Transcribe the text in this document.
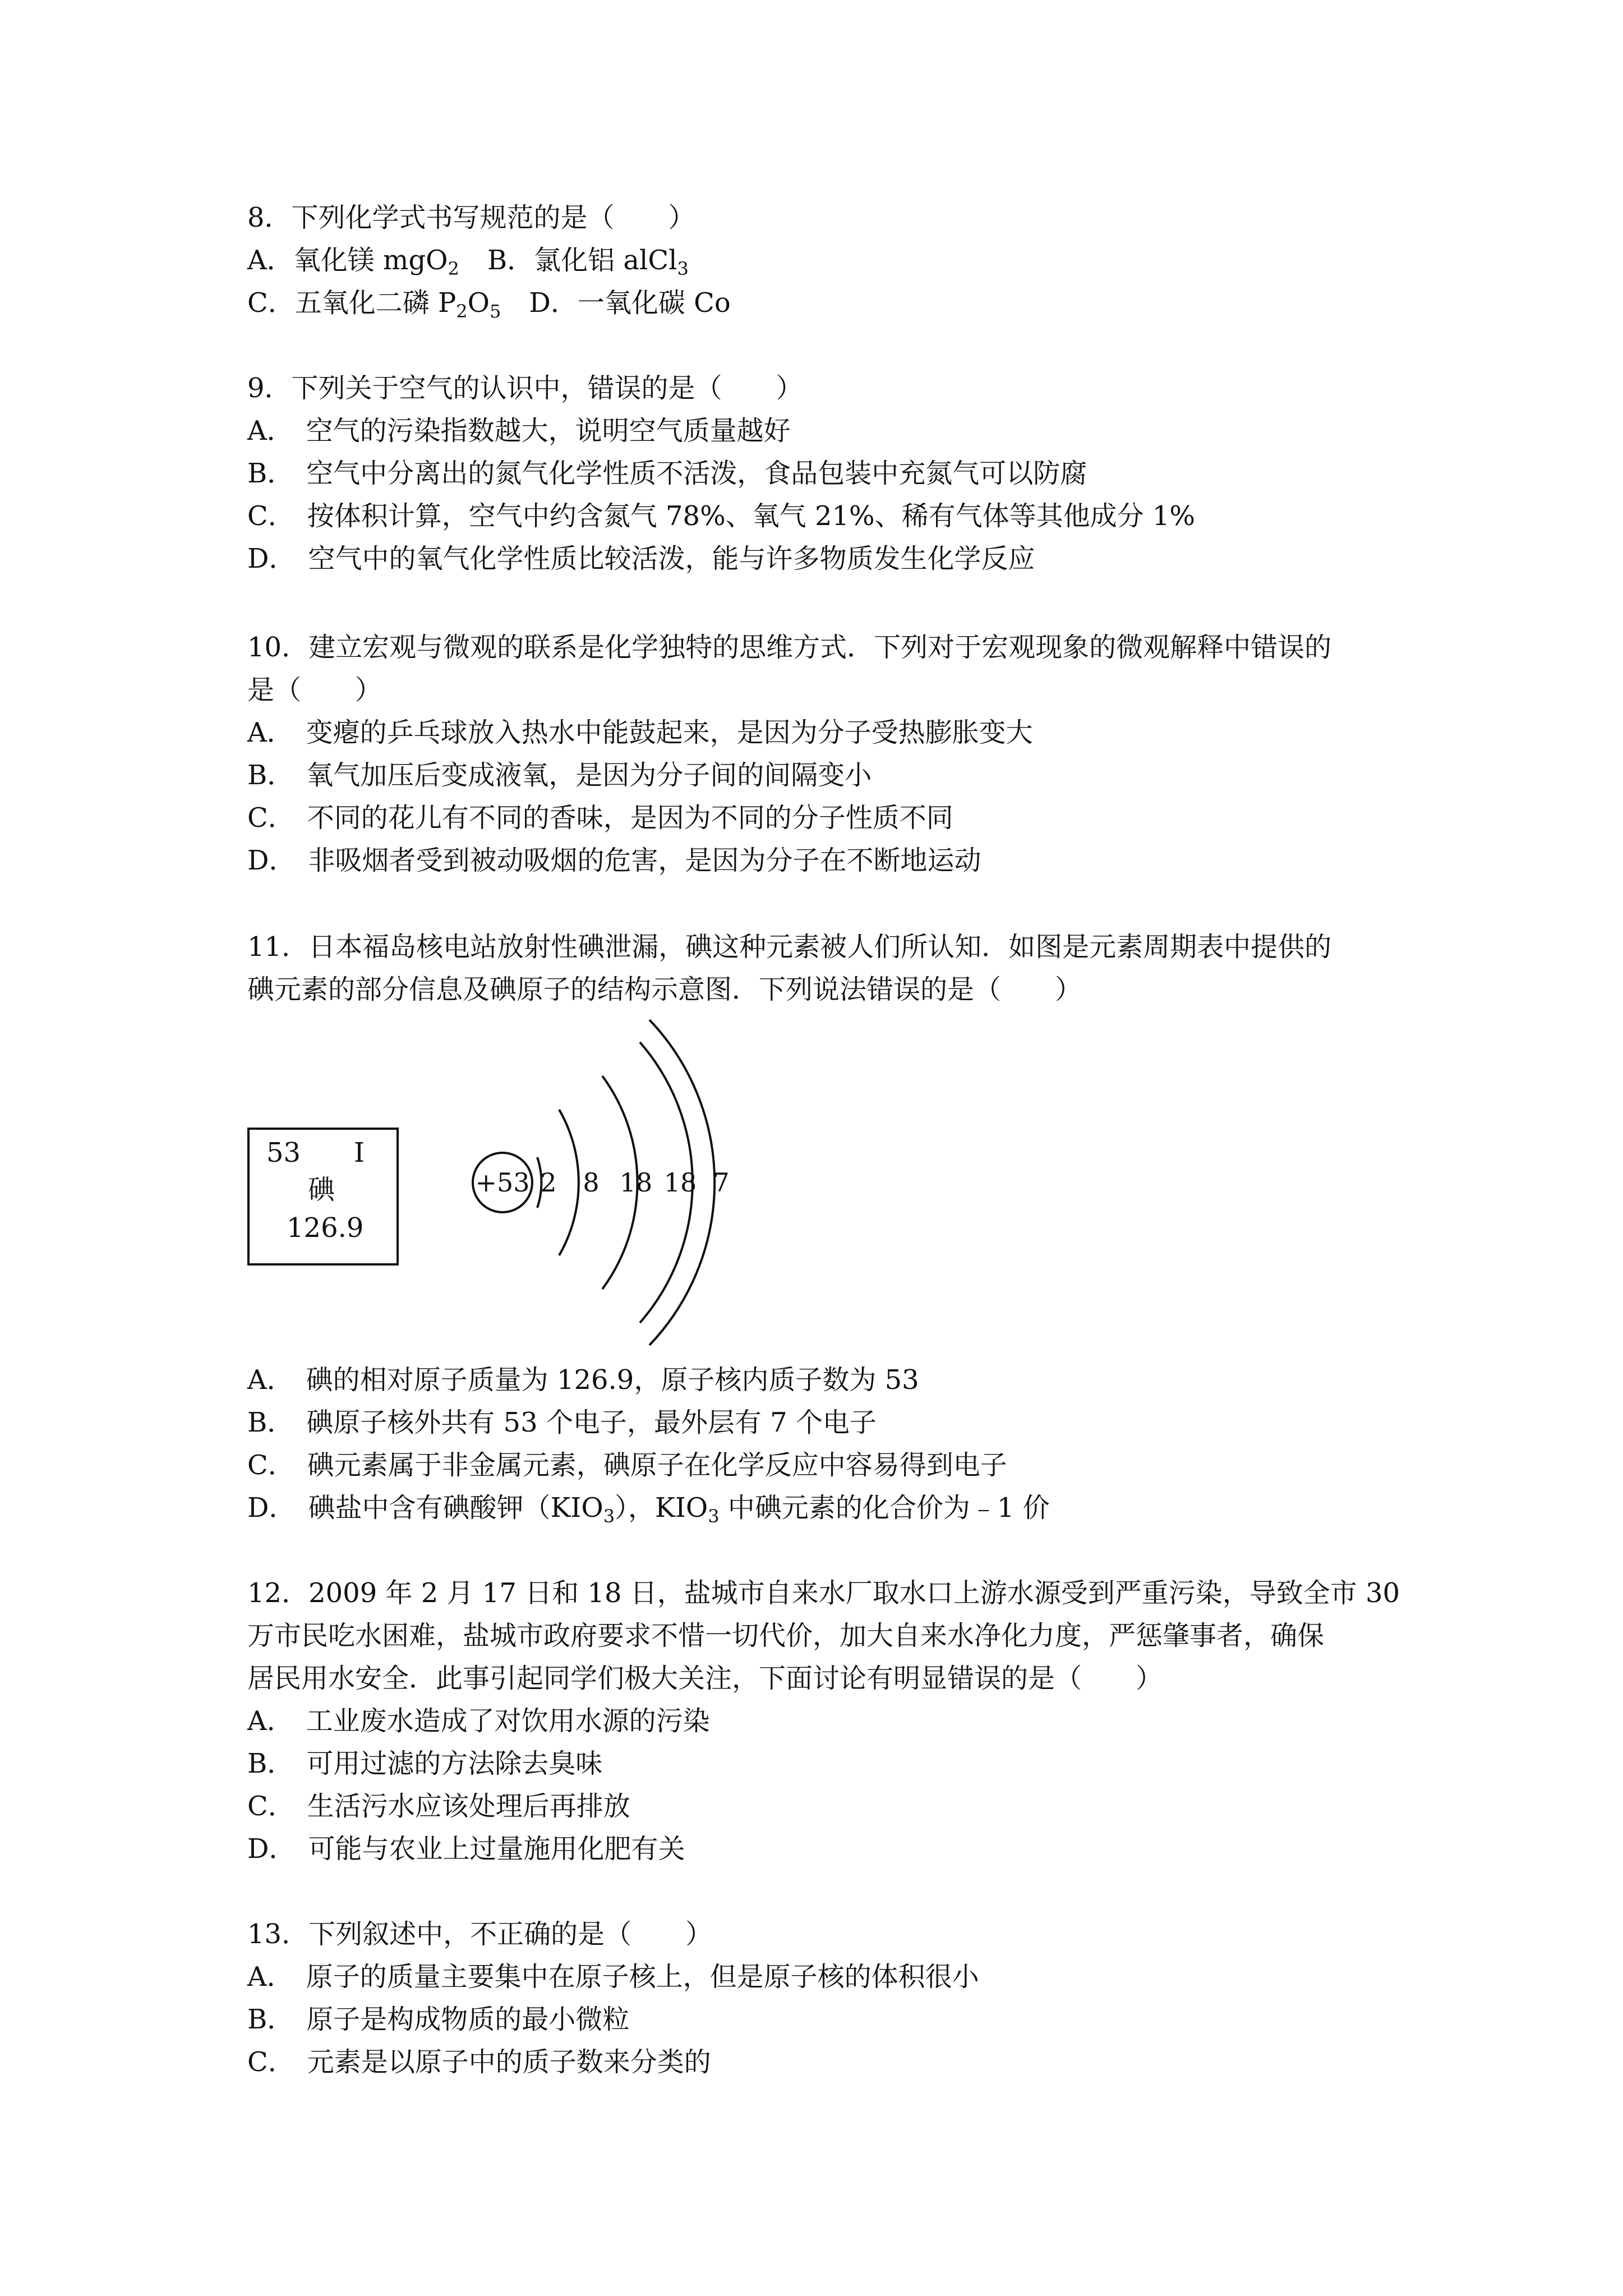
8．下列化学式书写规范的是（　　）
A．氧化镁 mgO$_2$ B．氯化铝 alCl$_3$
C．五氧化二磷 $P_2O_5$ D．一氧化碳 Co
9．下列关于空气的认识中，错误的是（　　）
A． 空气的污染指数越大，说明空气质量越好
B． 空气中分离出的氮气化学性质不活泼，食品包装中充氮气可以防腐
C． 按体积计算，空气中约含氮气 78%、氧气 21%、稀有气体等其他成分 1%
D． 空气中的氧气化学性质比较活泼，能与许多物质发生化学反应
10．建立宏观与微观的联系是化学独特的思维方式．下列对于宏观现象的微观解释中错误的
是（　　）
A． 变瘪的乒乓球放入热水中能鼓起来，是因为分子受热膨胀变大
B． 氧气加压后变成液氧，是因为分子间的间隔变小
C． 不同的花儿有不同的香味，是因为不同的分子性质不同
D． 非吸烟者受到被动吸烟的危害，是因为分子在不断地运动
11．日本福岛核电站放射性碘泄漏，碘这种元素被人们所认知．如图是元素周期表中提供的
碘元素的部分信息及碘原子的结构示意图．下列说法错误的是（　　）
53 I
碘
126.9
+53 2 8 18 18 7
A． 碘的相对原子质量为 126.9，原子核内质子数为 53
B． 碘原子核外共有 53 个电子，最外层有 7 个电子
C． 碘元素属于非金属元素，碘原子在化学反应中容易得到电子
D． 碘盐中含有碘酸钾$(KIO_3)$，$KIO_3$ 中碘元素的化合价为﹣1 价
12．2009 年 2 月 17 日和 18 日，盐城市自来水厂取水口上游水源受到严重污染，导致全市 30
万市民吃水困难，盐城市政府要求不惜一切代价，加大自来水净化力度，严惩肇事者，确保
居民用水安全．此事引起同学们极大关注，下面讨论有明显错误的是（　　）
A． 工业废水造成了对饮用水源的污染
B． 可用过滤的方法除去臭味
C． 生活污水应该处理后再排放
D． 可能与农业上过量施用化肥有关
13．下列叙述中，不正确的是（　　）
A． 原子的质量主要集中在原子核上，但是原子核的体积很小
B． 原子是构成物质的最小微粒
C． 元素是以原子中的质子数来分类的
